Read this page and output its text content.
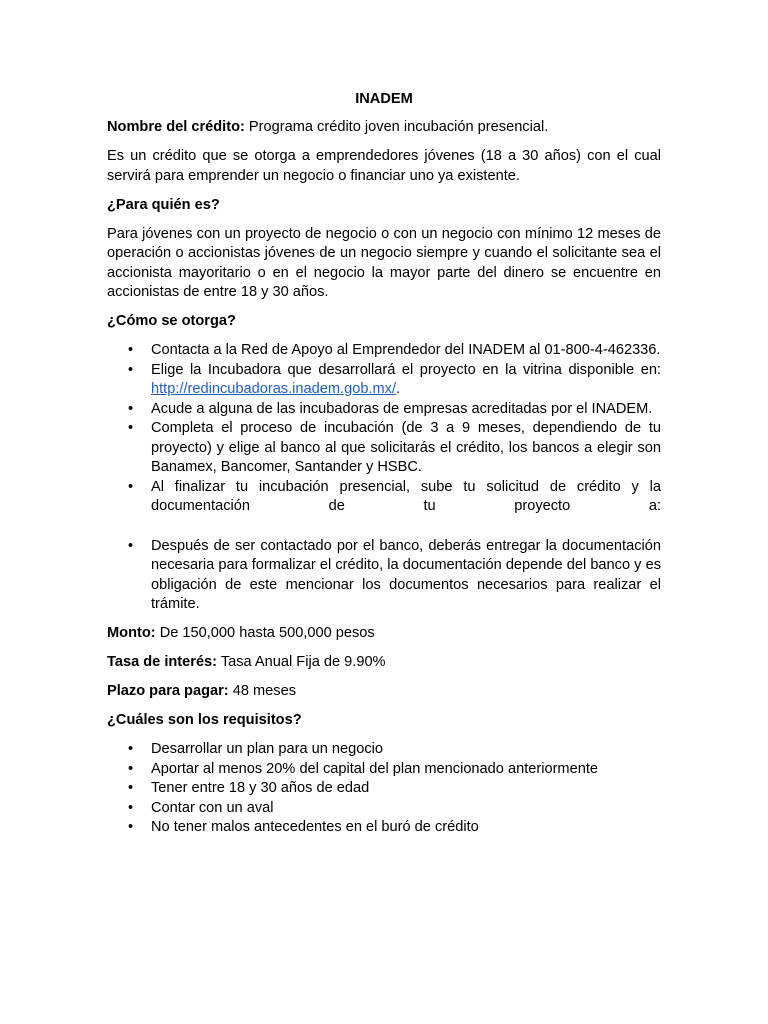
INADEM

Nombre del crédito: Programa crédito joven incubación presencial.

Es un crédito que se otorga a emprendedores jóvenes (18 a 30 años) con el cual servirá para emprender un negocio o financiar uno ya existente.

¿Para quién es?

Para jóvenes con un proyecto de negocio o con un negocio con mínimo 12 meses de operación o accionistas jóvenes de un negocio siempre y cuando el solicitante sea el accionista mayoritario o en el negocio la mayor parte del dinero se encuentre en accionistas de entre 18 y 30 años.

¿Cómo se otorga?
• Contacta a la Red de Apoyo al Emprendedor del INADEM al 01-800-4-462336.
• Elige la Incubadora que desarrollará el proyecto en la vitrina disponible en: http://redincubadoras.inadem.gob.mx/.
• Acude a alguna de las incubadoras de empresas acreditadas por el INADEM.
• Completa el proceso de incubación (de 3 a 9 meses, dependiendo de tu proyecto) y elige al banco al que solicitarás el crédito, los bancos a elegir son Banamex, Bancomer, Santander y HSBC.
• Al finalizar tu incubación presencial, sube tu solicitud de crédito y la documentación de tu proyecto a:
• Después de ser contactado por el banco, deberás entregar la documentación necesaria para formalizar el crédito, la documentación depende del banco y es obligación de este mencionar los documentos necesarios para realizar el trámite.

Monto: De 150,000 hasta 500,000 pesos

Tasa de interés: Tasa Anual Fija de 9.90%

Plazo para pagar: 48 meses

¿Cuáles son los requisitos?
• Desarrollar un plan para un negocio
• Aportar al menos 20% del capital del plan mencionado anteriormente
• Tener entre 18 y 30 años de edad
• Contar con un aval
• No tener malos antecedentes en el buró de crédito
